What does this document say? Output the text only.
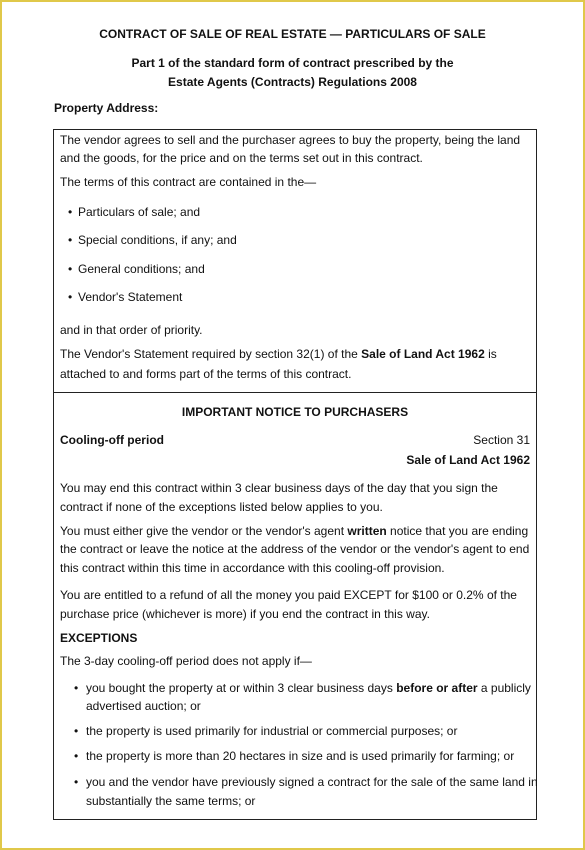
CONTRACT OF SALE OF REAL ESTATE — PARTICULARS OF SALE
Part 1 of the standard form of contract prescribed by the
Estate Agents (Contracts) Regulations 2008
Property Address:
The vendor agrees to sell and the purchaser agrees to buy the property, being the land
and the goods, for the price and on the terms set out in this contract.
The terms of this contract are contained in the—
• Particulars of sale; and
• Special conditions, if any; and
• General conditions; and
• Vendor's Statement
and in that order of priority.
The Vendor's Statement required by section 32(1) of the Sale of Land Act 1962 is
attached to and forms part of the terms of this contract.
IMPORTANT NOTICE TO PURCHASERS
Cooling-off period	Section 31
Sale of Land Act 1962
You may end this contract within 3 clear business days of the day that you sign the
contract if none of the exceptions listed below applies to you.
You must either give the vendor or the vendor's agent written notice that you are ending
the contract or leave the notice at the address of the vendor or the vendor's agent to end
this contract within this time in accordance with this cooling-off provision.
You are entitled to a refund of all the money you paid EXCEPT for $100 or 0.2% of the
purchase price (whichever is more) if you end the contract in this way.
EXCEPTIONS
The 3-day cooling-off period does not apply if—
• you bought the property at or within 3 clear business days before or after a publicly
advertised auction; or
• the property is used primarily for industrial or commercial purposes; or
• the property is more than 20 hectares in size and is used primarily for farming; or
• you and the vendor have previously signed a contract for the sale of the same land in
substantially the same terms; or
